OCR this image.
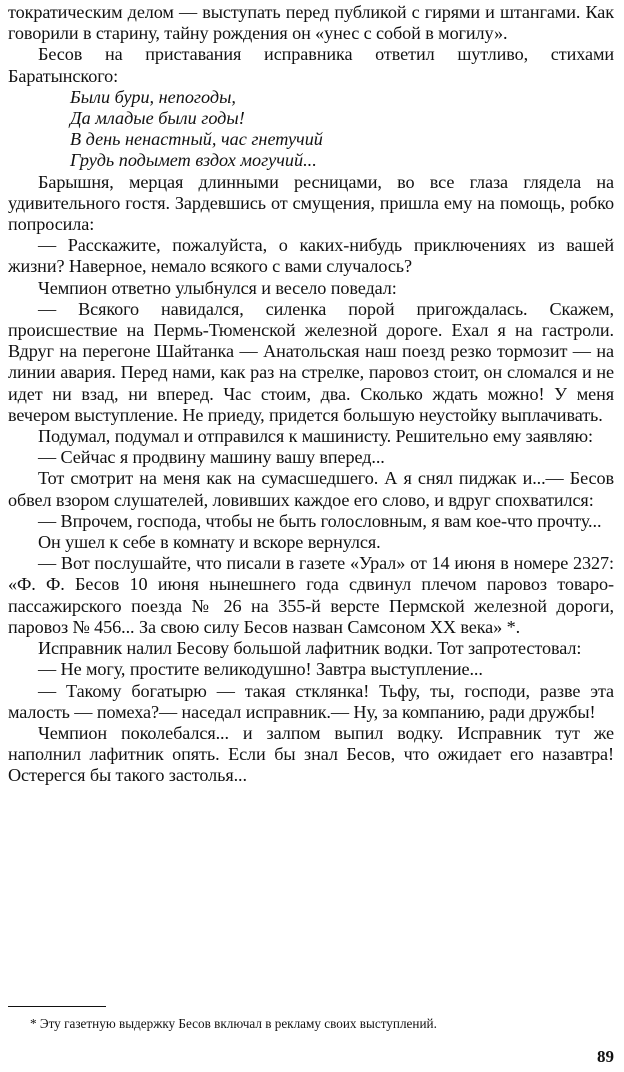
тократическим делом — выступать перед публикой с гирями и штангами. Как говорили в старину, тайну рождения он «унес с собой в могилу».

Бесов на приставания исправника ответил шутливо, стихами Баратынского:

Были бури, непогоды,
Да младые были годы!
В день ненастный, час гнетучий
Грудь подымет вздох могучий...

Барышня, мерцая длинными ресницами, во все глаза глядела на удивительного гостя. Зардевшись от смущения, пришла ему на помощь, робко попросила:

— Расскажите, пожалуйста, о каких-нибудь приключениях из вашей жизни? Наверное, немало всякого с вами случалось?

Чемпион ответно улыбнулся и весело поведал:

— Всякого навидался, силенка порой пригождалась. Скажем, происшествие на Пермь-Тюменской железной дороге. Ехал я на гастроли. Вдруг на перегоне Шайтанка — Анатольская наш поезд резко тормозит — на линии авария. Перед нами, как раз на стрелке, паровоз стоит, он сломался и не идет ни взад, ни вперед. Час стоим, два. Сколько ждать можно! У меня вечером выступление. Не приеду, придется большую неустойку выплачивать.

Подумал, подумал и отправился к машинисту. Решительно ему заявляю:

— Сейчас я продвину машину вашу вперед...

Тот смотрит на меня как на сумасшедшего. А я снял пиджак и...— Бесов обвел взором слушателей, ловивших каждое его слово, и вдруг спохватился:

— Впрочем, господа, чтобы не быть голословным, я вам кое-что прочту...

Он ушел к себе в комнату и вскоре вернулся.

— Вот послушайте, что писали в газете «Урал» от 14 июня в номере 2327: «Ф. Ф. Бесов 10 июня нынешнего года сдвинул плечом паровоз товаро-пассажирского поезда № 26 на 355-й версте Пермской железной дороги, паровоз № 456... За свою силу Бесов назван Самсоном XX века» *.

Исправник налил Бесову большой лафитник водки. Тот запротестовал:

— Не могу, простите великодушно! Завтра выступление...

— Такому богатырю — такая стклянка! Тьфу, ты, господи, разве эта малость — помеха?— наседал исправник.— Ну, за компанию, ради дружбы!

Чемпион поколебался... и залпом выпил водку. Исправник тут же наполнил лафитник опять. Если бы знал Бесов, что ожидает его назавтра! Остерегся бы такого застолья...

* Эту газетную выдержку Бесов включал в рекламу своих выступлений.
89
